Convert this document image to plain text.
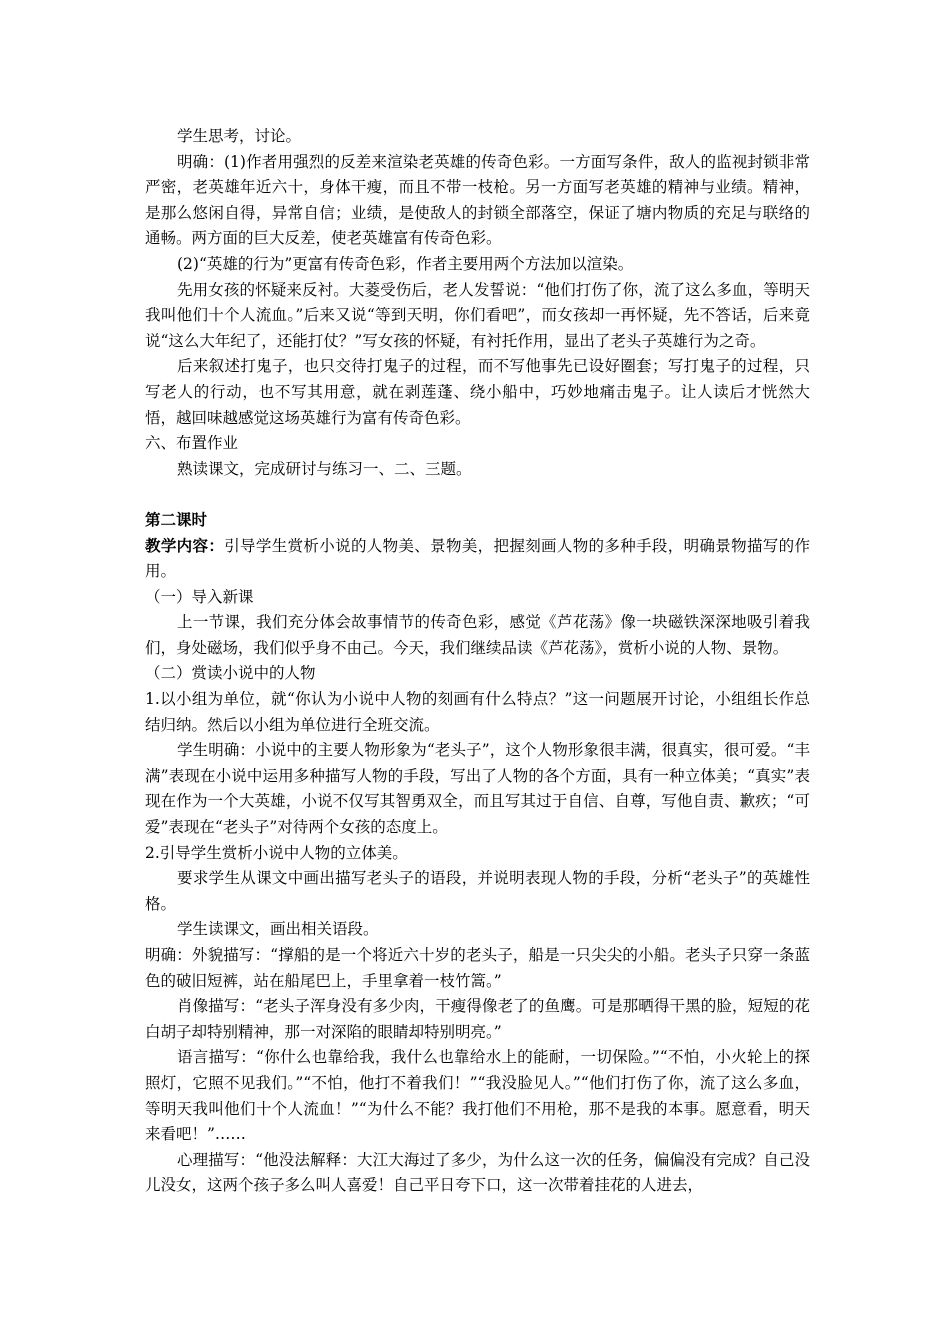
学生思考，讨论。

明确：(1)作者用强烈的反差来渲染老英雄的传奇色彩。一方面写条件，敌人的监视封锁非常严密，老英雄年近六十，身体干瘦，而且不带一枝枪。另一方面写老英雄的精神与业绩。精神，是那么悠闲自得，异常自信；业绩，是使敌人的封锁全部落空，保证了塘内物质的充足与联络的通畅。两方面的巨大反差，使老英雄富有传奇色彩。

(2)“英雄的行为”更富有传奇色彩，作者主要用两个方法加以渲染。

先用女孩的怀疑来反衬。大菱受伤后，老人发誓说：“他们打伤了你，流了这么多血，等明天我叫他们十个人流血。”后来又说“等到天明，你们看吧”，而女孩却一再怀疑，先不答话，后来竟说“这么大年纪了，还能打仗？”写女孩的怀疑，有衬托作用，显出了老头子英雄行为之奇。

后来叙述打鬼子，也只交待打鬼子的过程，而不写他事先已设好圈套；写打鬼子的过程，只写老人的行动，也不写其用意，就在剥莲蓬、绕小船中，巧妙地痛击鬼子。让人读后才恍然大悟，越回味越感觉这场英雄行为富有传奇色彩。

六、布置作业

熟读课文，完成研讨与练习一、二、三题。

第二课时

教学内容：引导学生赏析小说的人物美、景物美，把握刻画人物的多种手段，明确景物描写的作用。

（一）导入新课

上一节课，我们充分体会故事情节的传奇色彩，感觉《芦花荡》像一块磁铁深深地吸引着我们，身处磁场，我们似乎身不由己。今天，我们继续品读《芦花荡》，赏析小说的人物、景物。

（二）赏读小说中的人物

1.以小组为单位，就“你认为小说中人物的刻画有什么特点？”这一问题展开讨论，小组组长作总结归纳。然后以小组为单位进行全班交流。

学生明确：小说中的主要人物形象为“老头子”，这个人物形象很丰满，很真实，很可爱。“丰满”表现在小说中运用多种描写人物的手段，写出了人物的各个方面，具有一种立体美；“真实”表现在作为一个大英雄，小说不仅写其智勇双全，而且写其过于自信、自尊，写他自责、歉疚；“可爱”表现在“老头子”对待两个女孩的态度上。

2.引导学生赏析小说中人物的立体美。

要求学生从课文中画出描写老头子的语段，并说明表现人物的手段，分析“老头子”的英雄性格。

学生读课文，画出相关语段。

明确：外貌描写：“撑船的是一个将近六十岁的老头子，船是一只尖尖的小船。老头子只穿一条蓝色的破旧短裤，站在船尾巴上，手里拿着一枝竹篙。”

肖像描写：“老头子浑身没有多少肉，干瘦得像老了的鱼鹰。可是那晒得干黑的脸，短短的花白胡子却特别精神，那一对深陷的眼睛却特别明亮。”

语言描写：“你什么也靠给我，我什么也靠给水上的能耐，一切保险。”“不怕，小火轮上的探照灯，它照不见我们。”“不怕，他打不着我们！”“我没脸见人。”“他们打伤了你，流了这么多血，等明天我叫他们十个人流血！”“为什么不能？我打他们不用枪，那不是我的本事。愿意看，明天来看吧！”……

心理描写：“他没法解释：大江大海过了多少，为什么这一次的任务，偏偏没有完成？自己没儿没女，这两个孩子多么叫人喜爱！自己平日夸下口，这一次带着挂花的人进去，
